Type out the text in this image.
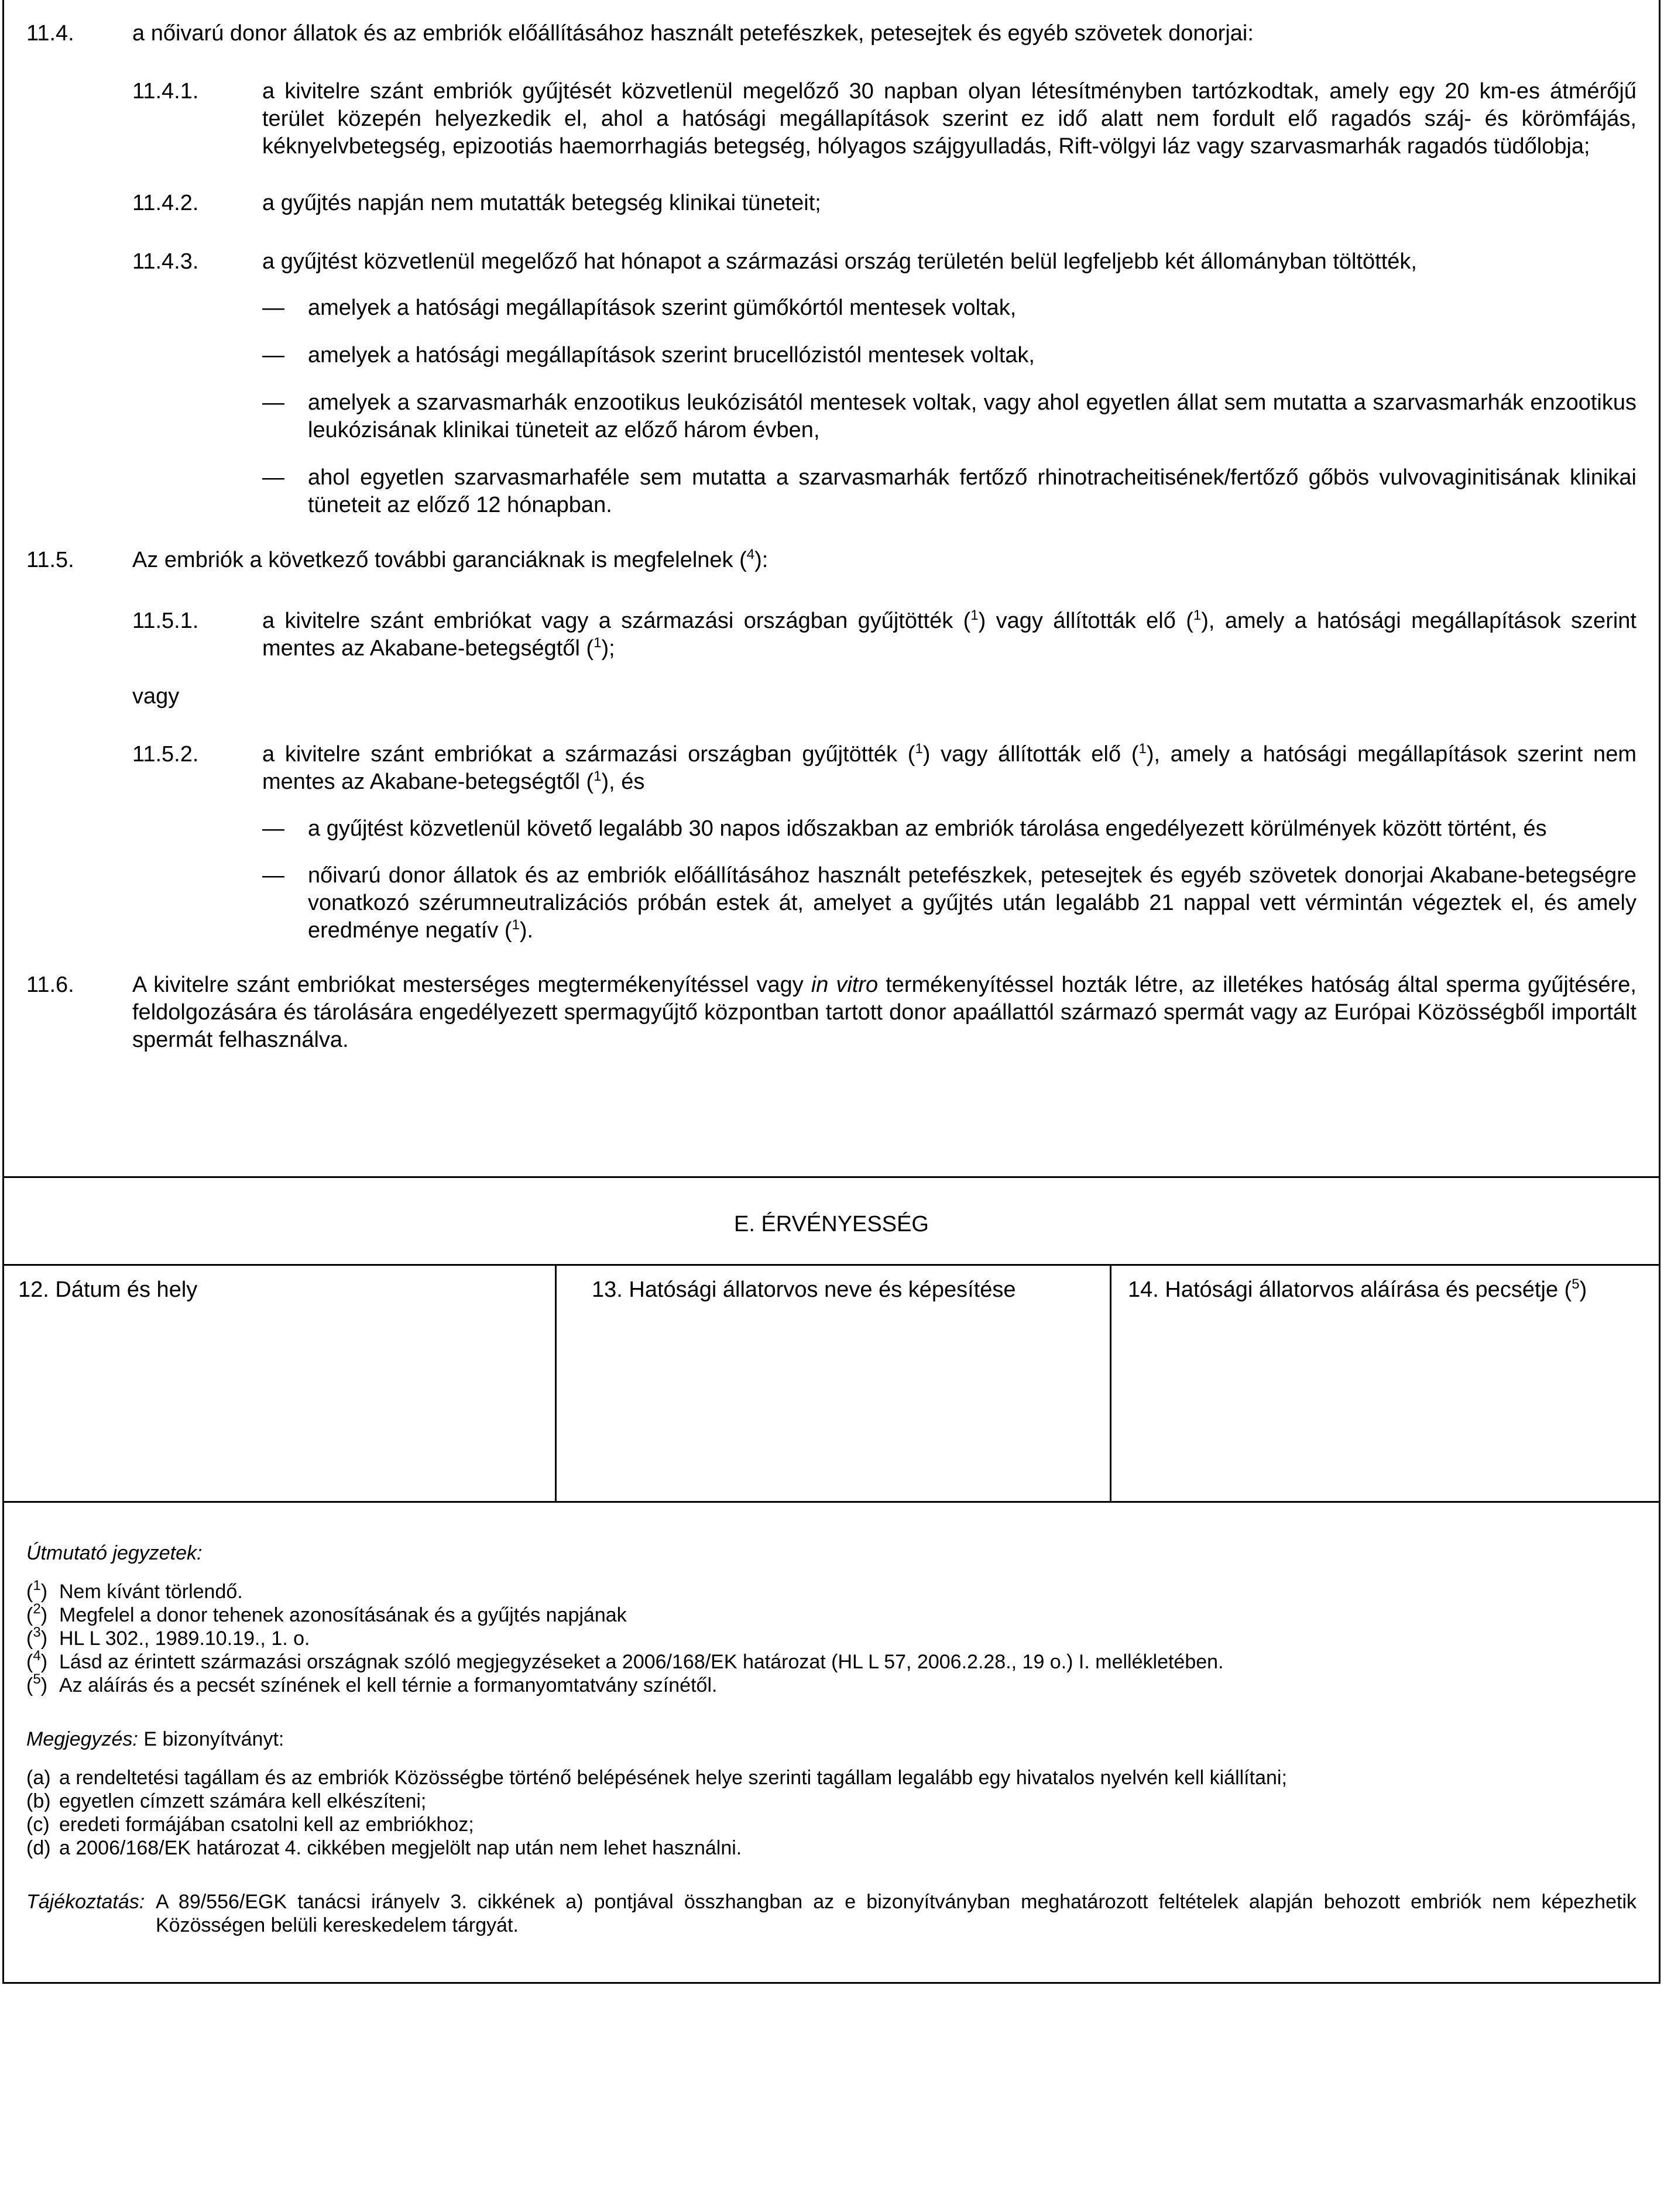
11.4.	a nőivarú donor állatok és az embriók előállításához használt petefészkek, petesejtek és egyéb szövetek donorjai:
11.4.1.	a kivitelre szánt embriók gyűjtését közvetlenül megelőző 30 napban olyan létesítményben tartózkodtak, amely egy 20 km-es átmérőjű terület közepén helyezkedik el, ahol a hatósági megállapítások szerint ez idő alatt nem fordult elő ragadós száj- és körömfájás, kéknyelvbetegség, epizootiás haemorrhagiás betegség, hólyagos szájgyulladás, Rift-völgyi láz vagy szarvasmarhák ragadós tüdőlobja;
11.4.2.	a gyűjtés napján nem mutatták betegség klinikai tüneteit;
11.4.3.	a gyűjtést közvetlenül megelőző hat hónapot a származási ország területén belül legfeljebb két állományban töltötték,
—	amelyek a hatósági megállapítások szerint gümőkórtól mentesek voltak,
—	amelyek a hatósági megállapítások szerint brucellózistól mentesek voltak,
—	amelyek a szarvasmarhák enzootikus leukózisától mentesek voltak, vagy ahol egyetlen állat sem mutatta a szarvasmarhák enzootikus leukózisának klinikai tüneteit az előző három évben,
—	ahol egyetlen szarvasmarhaféle sem mutatta a szarvasmarhák fertőző rhinotracheitisének/fertőző gőbös vulvovaginitisának klinikai tüneteit az előző 12 hónapban.
11.5.	Az embriók a következő további garanciáknak is megfelelnek ($^4$):
11.5.1.	a kivitelre szánt embriókat vagy a származási országban gyűjtötték ($^1$) vagy állították elő ($^1$), amely a hatósági megállapítások szerint mentes az Akabane-betegségtől ($^1$);
vagy
11.5.2.	a kivitelre szánt embriókat a származási országban gyűjtötték ($^1$) vagy állították elő ($^1$), amely a hatósági megállapítások szerint nem mentes az Akabane-betegségtől ($^1$), és
—	a gyűjtést közvetlenül követő legalább 30 napos időszakban az embriók tárolása engedélyezett körülmények között történt, és
—	nőivarú donor állatok és az embriók előállításához használt petefészkek, petesejtek és egyéb szövetek donorjai Akabane-betegségre vonatkozó szérumneutralizációs próbán estek át, amelyet a gyűjtés után legalább 21 nappal vett vérmintán végeztek el, és amely eredménye negatív ($^1$).
11.6.	A kivitelre szánt embriókat mesterséges megtermékenyítéssel vagy in vitro termékenyítéssel hozták létre, az illetékes hatóság által sperma gyűjtésére, feldolgozására és tárolására engedélyezett spermagyűjtő központban tartott donor apaállattól származó spermát vagy az Európai Közösségből importált spermát felhasználva.
E. ÉRVÉNYESSÉG
12. Dátum és hely	13. Hatósági állatorvos neve és képesítése	14. Hatósági állatorvos aláírása és pecsétje ($^5$)
Útmutató jegyzetek:
($^1$) Nem kívánt törlendő.
($^2$) Megfelel a donor tehenek azonosításának és a gyűjtés napjának
($^3$) HL L 302., 1989.10.19., 1. o.
($^4$) Lásd az érintett származási országnak szóló megjegyzéseket a 2006/168/EK határozat (HL L 57, 2006.2.28., 19 o.) I. mellékletében.
($^5$) Az aláírás és a pecsét színének el kell térnie a formanyomtatvány színétől.
Megjegyzés: E bizonyítványt:
(a) a rendeltetési tagállam és az embriók Közösségbe történő belépésének helye szerinti tagállam legalább egy hivatalos nyelvén kell kiállítani;
(b) egyetlen címzett számára kell elkészíteni;
(c) eredeti formájában csatolni kell az embriókhoz;
(d) a 2006/168/EK határozat 4. cikkében megjelölt nap után nem lehet használni.
Tájékoztatás: A 89/556/EGK tanácsi irányelv 3. cikkének a) pontjával összhangban az e bizonyítványban meghatározott feltételek alapján behozott embriók nem képezhetik Közösségen belüli kereskedelem tárgyát.
